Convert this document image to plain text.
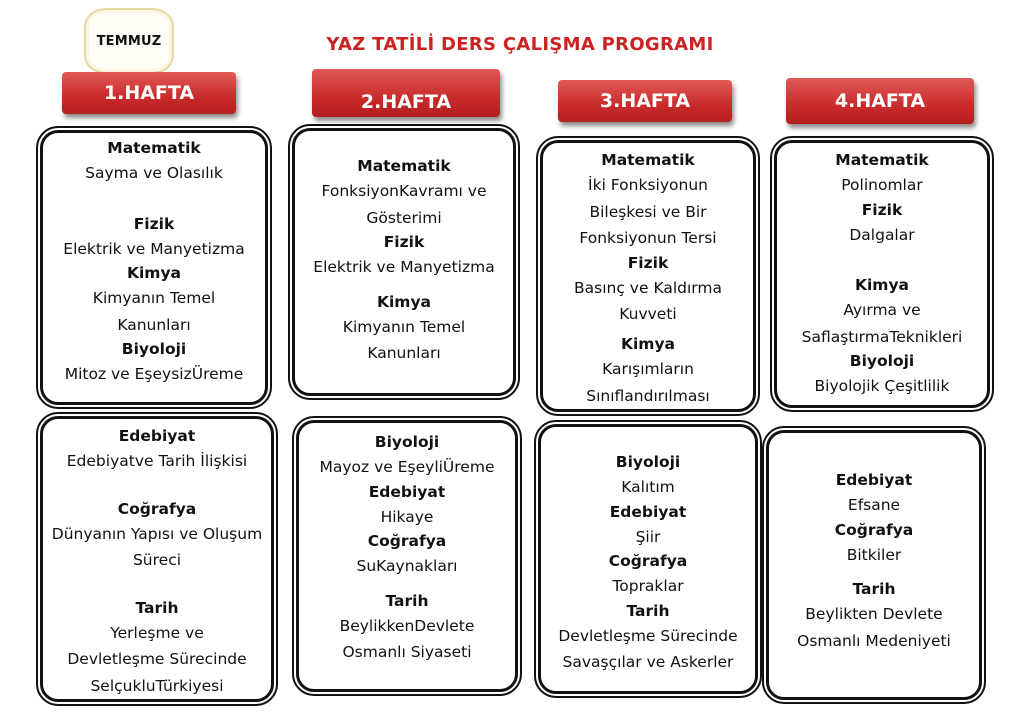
TEMMUZ	YAZ TATİLİ DERS ÇALIŞMA PROGRAMI
1.HAFTA	2.HAFTA	3.HAFTA	4.HAFTA
Matematik
Sayma ve Olasılık
Fizik
Elektrik ve Manyetizma
Kimya
Kimyanın Temel
Kanunları
Biyoloji
Mitoz ve EşeysizÜreme
Edebiyat
Edebiyatve Tarih İlişkisi
Coğrafya
Dünyanın Yapısı ve Oluşum
Süreci
Tarih
Yerleşme ve
Devletleşme Sürecinde
SelçukluTürkiyesi
Matematik
FonksiyonKavramı ve
Gösterimi
Fizik
Elektrik ve Manyetizma
Kimya
Kimyanın Temel
Kanunları
Biyoloji
Mayoz ve EşeyliÜreme
Edebiyat
Hikaye
Coğrafya
SuKaynakları
Tarih
BeylikkenDevlete
Osmanlı Siyaseti
Matematik
İki Fonksiyonun
Bileşkesi ve Bir
Fonksiyonun Tersi
Fizik
Basınç ve Kaldırma
Kuvveti
Kimya
Karışımların
Sınıflandırılması
Biyoloji
Kalıtım
Edebiyat
Şiir
Coğrafya
Topraklar
Tarih
Devletleşme Sürecinde
Savaşçılar ve Askerler
Matematik
Polinomlar
Fizik
Dalgalar
Kimya
Ayırma ve
SaflaştırmaTeknikleri
Biyoloji
Biyolojik Çeşitlilik
Edebiyat
Efsane
Coğrafya
Bitkiler
Tarih
Beylikten Devlete
Osmanlı Medeniyeti
